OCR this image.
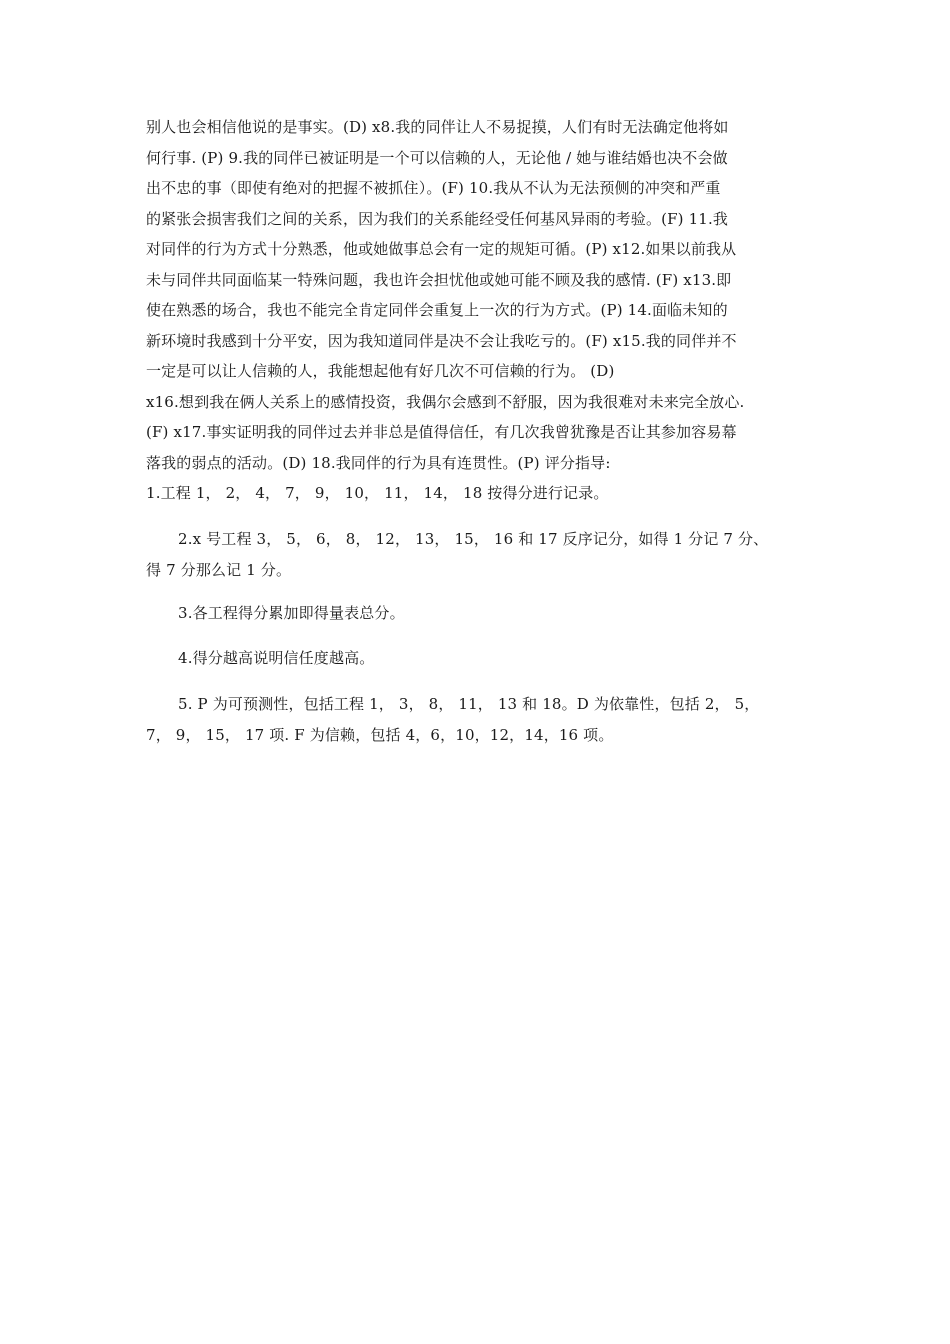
别人也会相信他说的是事实。(D) x8.我的同伴让人不易捉摸，人们有时无法确定他将如
何行事. (P) 9.我的同伴已被证明是一个可以信赖的人，无论他 / 她与谁结婚也决不会做
出不忠的事（即使有绝对的把握不被抓住）。(F) 10.我从不认为无法预侧的冲突和严重
的紧张会损害我们之间的关系，因为我们的关系能经受任何基风异雨的考验。(F) 11.我
对同伴的行为方式十分熟悉，他或她做事总会有一定的规矩可循。(P) x12.如果以前我从
未与同伴共同面临某一特殊问题，我也许会担忧他或她可能不顾及我的感情. (F) x13.即
使在熟悉的场合，我也不能完全肯定同伴会重复上一次的行为方式。(P) 14.面临未知的
新环境时我感到十分平安，因为我知道同伴是决不会让我吃亏的。(F) x15.我的同伴并不
一定是可以让人信赖的人，我能想起他有好几次不可信赖的行为。 (D)
x16.想到我在俩人关系上的感情投资，我偶尔会感到不舒服，因为我很难对未来完全放心.
(F) x17.事实证明我的同伴过去并非总是值得信任，有几次我曾犹豫是否让其参加容易幕
落我的弱点的活动。(D) 18.我同伴的行为具有连贯性。(P) 评分指导:
1.工程 1， 2， 4， 7， 9， 10， 11， 14， 18 按得分进行记录。
2.x 号工程 3， 5， 6， 8， 12， 13， 15， 16 和 17 反序记分，如得 1 分记 7 分、
得 7 分那么记 1 分。
3.各工程得分累加即得量表总分。
4.得分越高说明信任度越高。
5. P 为可预测性，包括工程 1， 3， 8， 11， 13 和 18。D 为依靠性，包括 2， 5，
7， 9， 15， 17 项. F 为信赖，包括 4，6，10，12，14，16 项。
